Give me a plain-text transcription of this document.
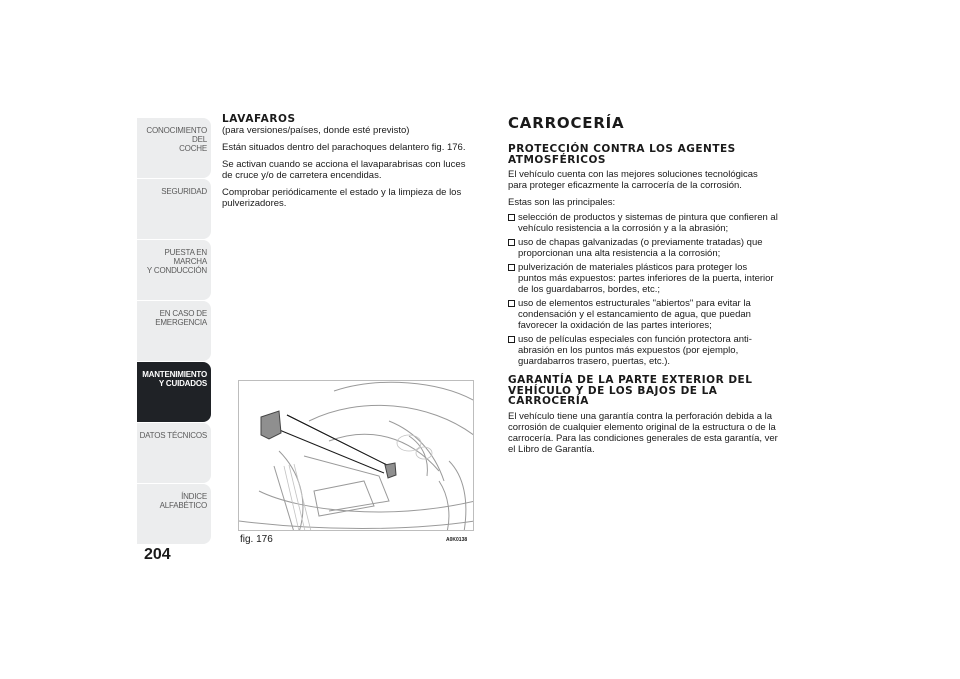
CONOCIMIENTO DEL
COCHE
SEGURIDAD
PUESTA EN MARCHA
Y CONDUCCIÓN
EN CASO DE
EMERGENCIA
MANTENIMIENTO
Y CUIDADOS
DATOS TÉCNICOS
ÍNDICE ALFABÉTICO
204
LAVAFAROS

(para versiones/países, donde esté previsto)

Están situados dentro del parachoques delantero fig. 176.

Se activan cuando se acciona el lavaparabrisas con luces de cruce y/o de carretera encendidas.

Comprobar periódicamente el estado y la limpieza de los pulverizadores.

fig. 176	A0K0138
CARROCERÍA
PROTECCIÓN CONTRA LOS AGENTES ATMOSFÉRICOS

El vehículo cuenta con las mejores soluciones tecnológicas para proteger eficazmente la carrocería de la corrosión.

Estas son las principales:

selección de productos y sistemas de pintura que confieren al vehículo resistencia a la corrosión y a la abrasión;
uso de chapas galvanizadas (o previamente tratadas) que proporcionan una alta resistencia a la corrosión;
pulverización de materiales plásticos para proteger los puntos más expuestos: partes inferiores de la puerta, interior de los guardabarros, bordes, etc.;
uso de elementos estructurales "abiertos" para evitar la condensación y el estancamiento de agua, que puedan favorecer la oxidación de las partes interiores;
uso de películas especiales con función protectora anti-abrasión en los puntos más expuestos (por ejemplo, guardabarros trasero, puertas, etc.).
GARANTÍA DE LA PARTE EXTERIOR DEL VEHÍCULO Y DE LOS BAJOS DE LA CARROCERÍA

El vehículo tiene una garantía contra la perforación debida a la corrosión de cualquier elemento original de la estructura o de la carrocería. Para las condiciones generales de esta garantía, ver el Libro de Garantía.
